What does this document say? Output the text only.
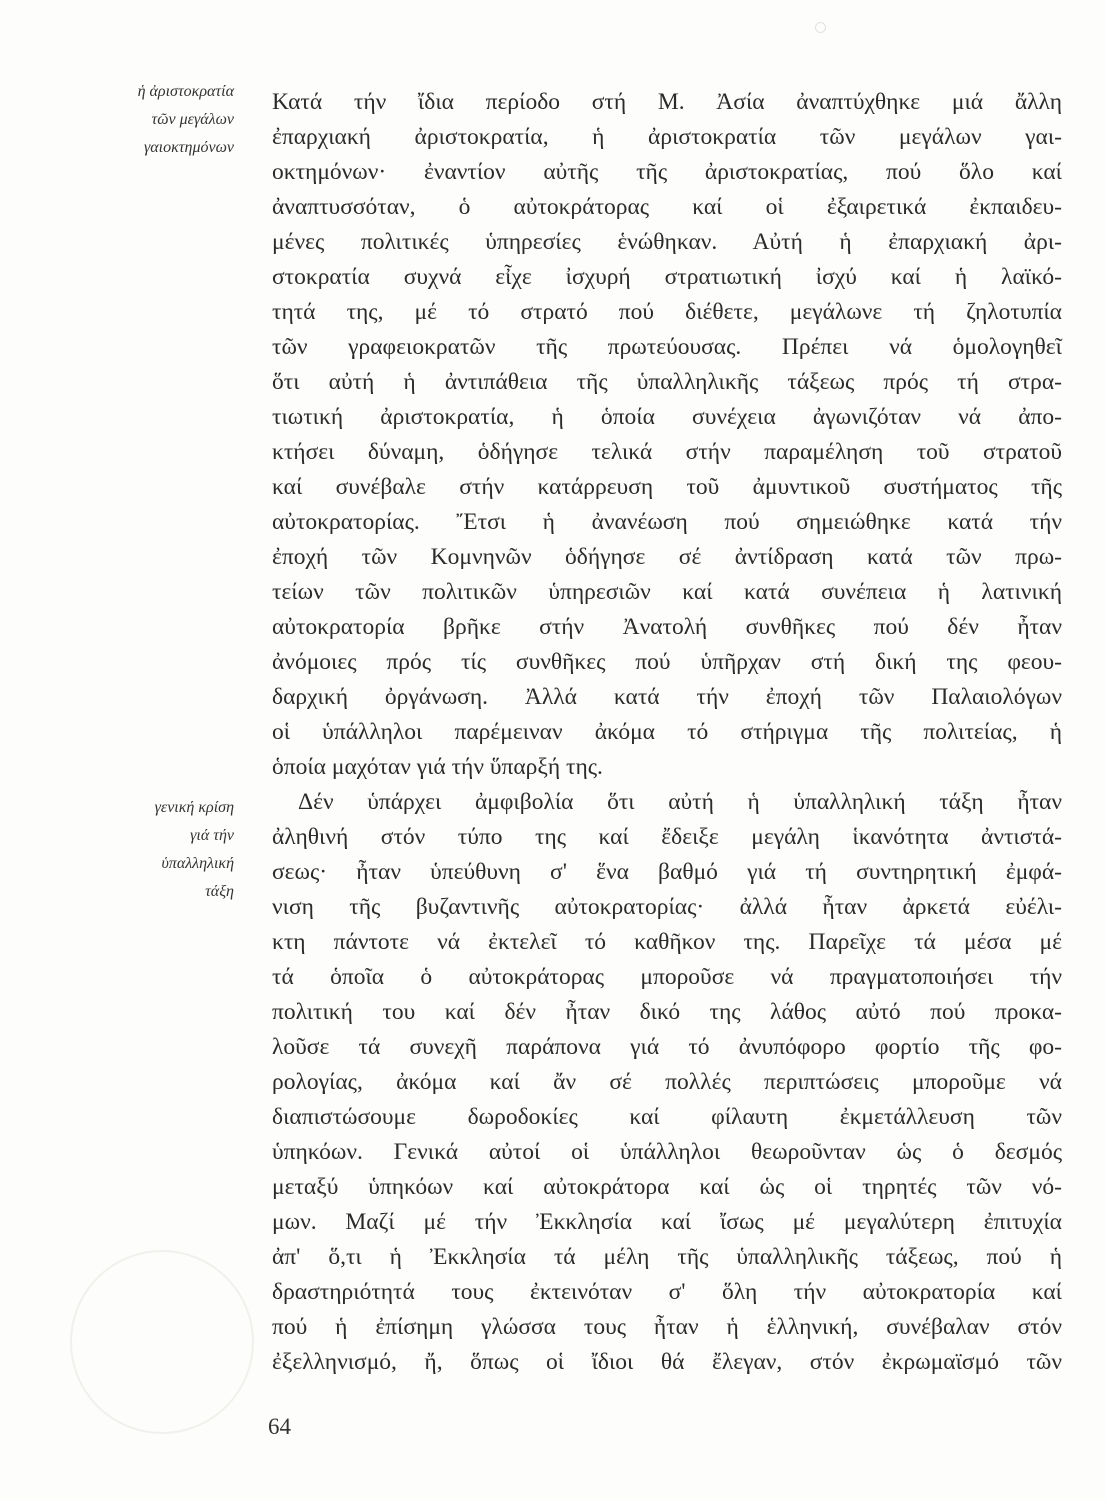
ἡ ἀριστοκρατία
τῶν μεγάλων
γαιοκτημόνων
γενική κρίση
γιά τήν
ὑπαλληλική
τάξη
Κατά τήν ἴδια περίοδο στή Μ. Ἀσία ἀναπτύχθηκε μιά ἄλλη
ἐπαρχιακή ἀριστοκρατία, ἡ ἀριστοκρατία τῶν μεγάλων γαι-
οκτημόνων· ἐναντίον αὐτῆς τῆς ἀριστοκρατίας, πού ὅλο καί
ἀναπτυσσόταν, ὁ αὐτοκράτορας καί οἱ ἐξαιρετικά ἐκπαιδευ-
μένες πολιτικές ὑπηρεσίες ἑνώθηκαν. Αὐτή ἡ ἐπαρχιακή ἀρι-
στοκρατία συχνά εἶχε ἰσχυρή στρατιωτική ἰσχύ καί ἡ λαϊκό-
τητά της, μέ τό στρατό πού διέθετε, μεγάλωνε τή ζηλοτυπία
τῶν γραφειοκρατῶν τῆς πρωτεύουσας. Πρέπει νά ὁμολογηθεῖ
ὅτι αὐτή ἡ ἀντιπάθεια τῆς ὑπαλληλικῆς τάξεως πρός τή στρα-
τιωτική ἀριστοκρατία, ἡ ὁποία συνέχεια ἀγωνιζόταν νά ἀπο-
κτήσει δύναμη, ὁδήγησε τελικά στήν παραμέληση τοῦ στρατοῦ
καί συνέβαλε στήν κατάρρευση τοῦ ἀμυντικοῦ συστήματος τῆς
αὐτοκρατορίας. Ἔτσι ἡ ἀνανέωση πού σημειώθηκε κατά τήν
ἐποχή τῶν Κομνηνῶν ὁδήγησε σέ ἀντίδραση κατά τῶν πρω-
τείων τῶν πολιτικῶν ὑπηρεσιῶν καί κατά συνέπεια ἡ λατινική
αὐτοκρατορία βρῆκε στήν Ἀνατολή συνθῆκες πού δέν ἦταν
ἀνόμοιες πρός τίς συνθῆκες πού ὑπῆρχαν στή δική της φεου-
δαρχική ὀργάνωση. Ἀλλά κατά τήν ἐποχή τῶν Παλαιολόγων
οἱ ὑπάλληλοι παρέμειναν ἀκόμα τό στήριγμα τῆς πολιτείας, ἡ
ὁποία μαχόταν γιά τήν ὕπαρξή της.
Δέν ὑπάρχει ἀμφιβολία ὅτι αὐτή ἡ ὑπαλληλική τάξη ἦταν
ἀληθινή στόν τύπο της καί ἔδειξε μεγάλη ἱκανότητα ἀντιστά-
σεως· ἦταν ὑπεύθυνη σ' ἕνα βαθμό γιά τή συντηρητική ἐμφά-
νιση τῆς βυζαντινῆς αὐτοκρατορίας· ἀλλά ἦταν ἀρκετά εὐέλι-
κτη πάντοτε νά ἐκτελεῖ τό καθῆκον της. Παρεῖχε τά μέσα μέ
τά ὁποῖα ὁ αὐτοκράτορας μποροῦσε νά πραγματοποιήσει τήν
πολιτική του καί δέν ἦταν δικό της λάθος αὐτό πού προκα-
λοῦσε τά συνεχῆ παράπονα γιά τό ἀνυπόφορο φορτίο τῆς φο-
ρολογίας, ἀκόμα καί ἄν σέ πολλές περιπτώσεις μποροῦμε νά
διαπιστώσουμε δωροδοκίες καί φίλαυτη ἐκμετάλλευση τῶν
ὑπηκόων. Γενικά αὐτοί οἱ ὑπάλληλοι θεωροῦνταν ὡς ὁ δεσμός
μεταξύ ὑπηκόων καί αὐτοκράτορα καί ὡς οἱ τηρητές τῶν νό-
μων. Μαζί μέ τήν Ἐκκλησία καί ἴσως μέ μεγαλύτερη ἐπιτυχία
ἀπ' ὅ,τι ἡ Ἐκκλησία τά μέλη τῆς ὑπαλληλικῆς τάξεως, πού ἡ
δραστηριότητά τους ἐκτεινόταν σ' ὅλη τήν αὐτοκρατορία καί
πού ἡ ἐπίσημη γλώσσα τους ἦταν ἡ ἑλληνική, συνέβαλαν στόν
ἐξελληνισμό, ἤ, ὅπως οἱ ἴδιοι θά ἔλεγαν, στόν ἐκρωμαϊσμό τῶν
64
